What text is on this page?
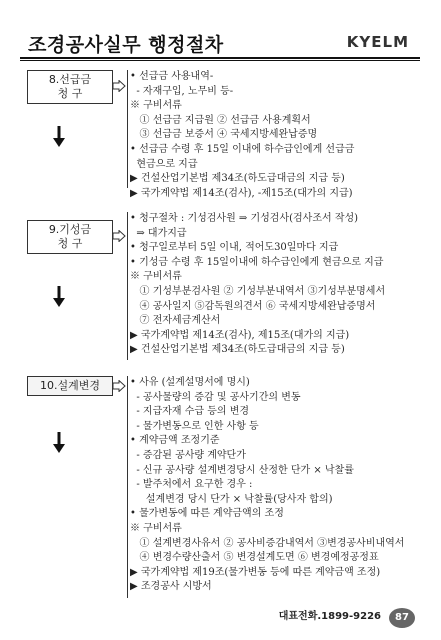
조경공사실무 행정절차	KYELM
8.선급금
청 구
• 선급금 사용내역-
- 자재구입, 노무비 등-
※ 구비서류
① 선급금 지급원 ② 선급금 사용계획서
③ 선급금 보증서 ④ 국세지방세완납증명
• 선급금 수령 후 15일 이내에 하수급인에게 선급금
현금으로 지급
▶ 건설산업기본법 제34조(하도급대금의 지급 등)
▶ 국가계약법 제14조(검사), -제15조(대가의 지급)
9.기성금
청 구
• 청구절차 : 기성검사원 ⇒ 기성검사(검사조서 작성)
⇒ 대가지급
• 청구일로부터 5일 이내, 적어도30일마다 지급
• 기성금 수령 후 15일이내에 하수급인에게 현금으로 지급
※ 구비서류
① 기성부분검사원 ② 기성부분내역서 ③기성부분명세서
④ 공사일지 ⑤감독원의견서 ⑥ 국세지방세완납증명서
⑦ 전자세금계산서
▶ 국가계약법 제14조(검사), 제15조(대가의 지급)
▶ 건설산업기본법 제34조(하도급대금의 지급 등)
10.설계변경	• 사유 (설계설명서에 명시)
- 공사물량의 증감 및 공사기간의 변동
- 지급자재 수급 등의 변경
- 물가변동으로 인한 사항 등
• 계약금액 조정기준
- 증감된 공사량 계약단가
- 신규 공사량 설계변경당시 산정한 단가 × 낙찰률
- 발주처에서 요구한 경우 :
설계변경 당시 단가 × 낙찰률(당사자 합의)
• 물가변동에 따른 계약금액의 조정
※ 구비서류
① 설계변경사유서 ② 공사비증감내역서 ③변경공사비내역서
④ 변경수량산출서 ⑤ 변경설계도면 ⑥ 변경예정공정표
▶ 국가계약법 제19조(물가변동 등에 따른 계약금액 조정)
▶ 조경공사 시방서
대표전화.1899-9226	87
